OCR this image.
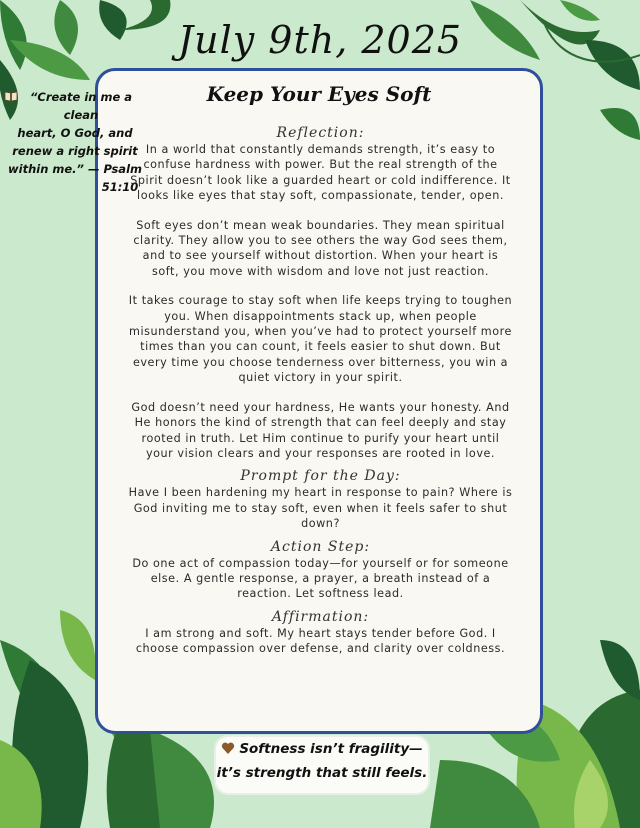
July 9th, 2025
Keep Your Eyes Soft
“Create in me a clean
heart, O God, and
renew a right spirit
within me.” — Psalm
51:10
Reflection:

In a world that constantly demands strength, it’s easy to confuse hardness with power. But the real strength of the Spirit doesn’t look like a guarded heart or cold indifference. It looks like eyes that stay soft, compassionate, tender, open.

Soft eyes don’t mean weak boundaries. They mean spiritual clarity. They allow you to see others the way God sees them, and to see yourself without distortion. When your heart is soft, you move with wisdom and love not just reaction.

It takes courage to stay soft when life keeps trying to toughen you. When disappointments stack up, when people misunderstand you, when you’ve had to protect yourself more times than you can count, it feels easier to shut down. But every time you choose tenderness over bitterness, you win a quiet victory in your spirit.

God doesn’t need your hardness, He wants your honesty. And He honors the kind of strength that can feel deeply and stay rooted in truth. Let Him continue to purify your heart until your vision clears and your responses are rooted in love.

Prompt for the Day:

Have I been hardening my heart in response to pain? Where is God inviting me to stay soft, even when it feels safer to shut down?

Action Step:

Do one act of compassion today—for yourself or for someone else. A gentle response, a prayer, a breath instead of a reaction. Let softness lead.

Affirmation:

I am strong and soft. My heart stays tender before God. I choose compassion over defense, and clarity over coldness.

Softness isn’t fragility—
it’s strength that still feels.
